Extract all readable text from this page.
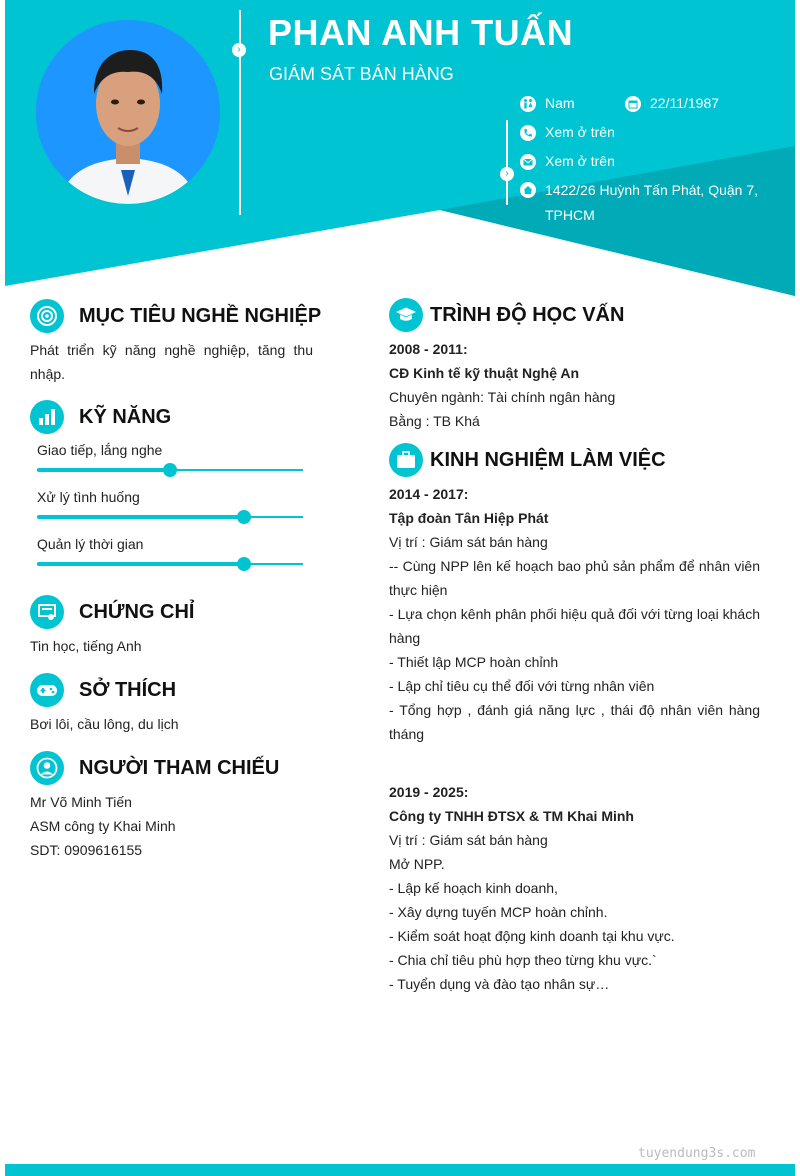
› PHAN ANH TUẤN
GIÁM SÁT BÁN HÀNG
›
Nam	22/11/1987
Xem ở trên
Xem ở trên
1422/26 Huỳnh Tấn Phát, Quận 7,
TPHCM
MỤC TIÊU NGHỀ NGHIỆP
Phát triển kỹ năng nghề nghiệp, tăng thu nhập.
KỸ NĂNG
Giao tiếp, lắng nghe
Xử lý tình huống
Quản lý thời gian
CHỨNG CHỈ
Tin học, tiếng Anh
SỞ THÍCH
Bơi lôi, cầu lông, du lịch
NGƯỜI THAM CHIẾU
Mr Võ Minh Tiến
ASM công ty Khai Minh
SDT: 0909616155
TRÌNH ĐỘ HỌC VẤN
2008 - 2011:
CĐ Kinh tế kỹ thuật Nghệ An
Chuyên ngành: Tài chính ngân hàng
Bằng : TB Khá
KINH NGHIỆM LÀM VIỆC
2014 - 2017:
Tập đoàn Tân Hiệp Phát
Vị trí : Giám sát bán hàng
-- Cùng NPP lên kế hoạch bao phủ sản phẩm để nhân viên thực hiện
- Lựa chọn kênh phân phối hiệu quả đối với từng loại khách hàng
- Thiết lập MCP hoàn chỉnh
- Lập chỉ tiêu cụ thể đối với từng nhân viên
- Tổng hợp , đánh giá năng lực , thái độ nhân viên hàng tháng
2019 - 2025:
Công ty TNHH ĐTSX & TM Khai Minh
Vị trí : Giám sát bán hàng
Mở NPP.
- Lập kế hoạch kinh doanh,
- Xây dựng tuyến MCP hoàn chỉnh.
- Kiểm soát hoạt động kinh doanh tại khu vực.
- Chia chỉ tiêu phù hợp theo từng khu vực.`
- Tuyển dụng và đào tạo nhân sự…
tuyendung3s.com
